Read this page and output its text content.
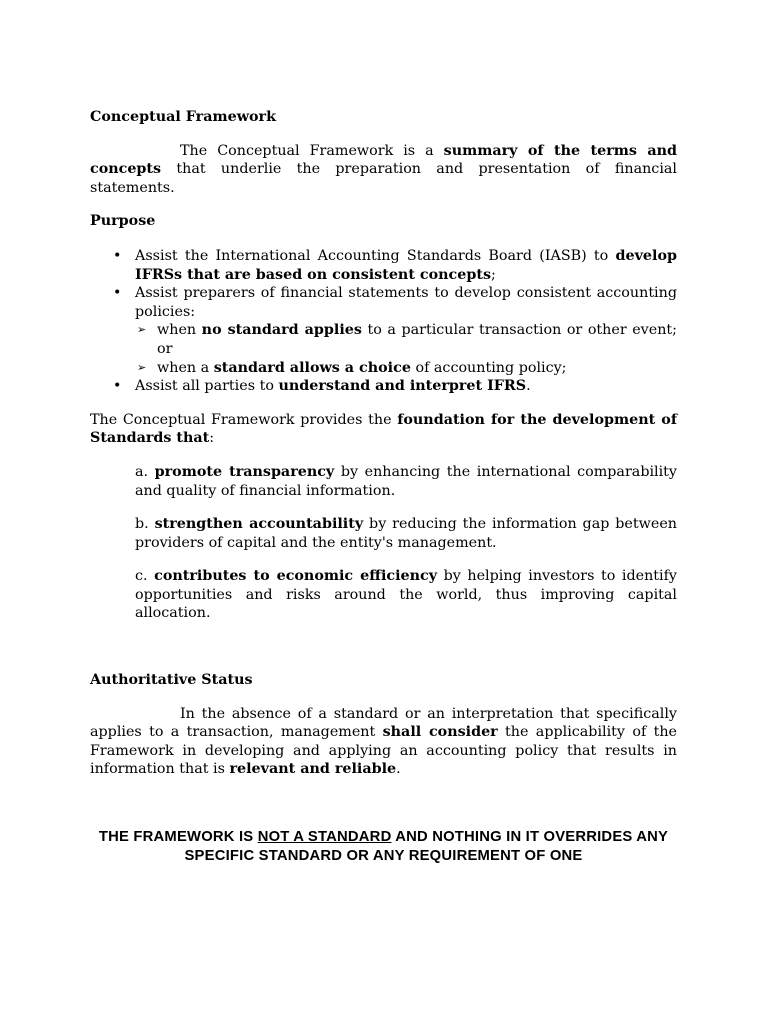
Conceptual Framework

The Conceptual Framework is a summary of the terms and concepts that underlie the preparation and presentation of financial statements.

Purpose
• Assist the International Accounting Standards Board (IASB) to develop IFRSs that are based on consistent concepts;
• Assist preparers of financial statements to develop consistent accounting policies:
➢ when no standard applies to a particular transaction or other event; or
➢ when a standard allows a choice of accounting policy;
• Assist all parties to understand and interpret IFRS.

The Conceptual Framework provides the foundation for the development of Standards that:

a. promote transparency by enhancing the international comparability and quality of financial information.

b. strengthen accountability by reducing the information gap between providers of capital and the entity's management.

c. contributes to economic efficiency by helping investors to identify opportunities and risks around the world, thus improving capital allocation.

Authoritative Status

In the absence of a standard or an interpretation that specifically applies to a transaction, management shall consider the applicability of the Framework in developing and applying an accounting policy that results in information that is relevant and reliable.

THE FRAMEWORK IS NOT A STANDARD AND NOTHING IN IT OVERRIDES ANY SPECIFIC STANDARD OR ANY REQUIREMENT OF ONE
